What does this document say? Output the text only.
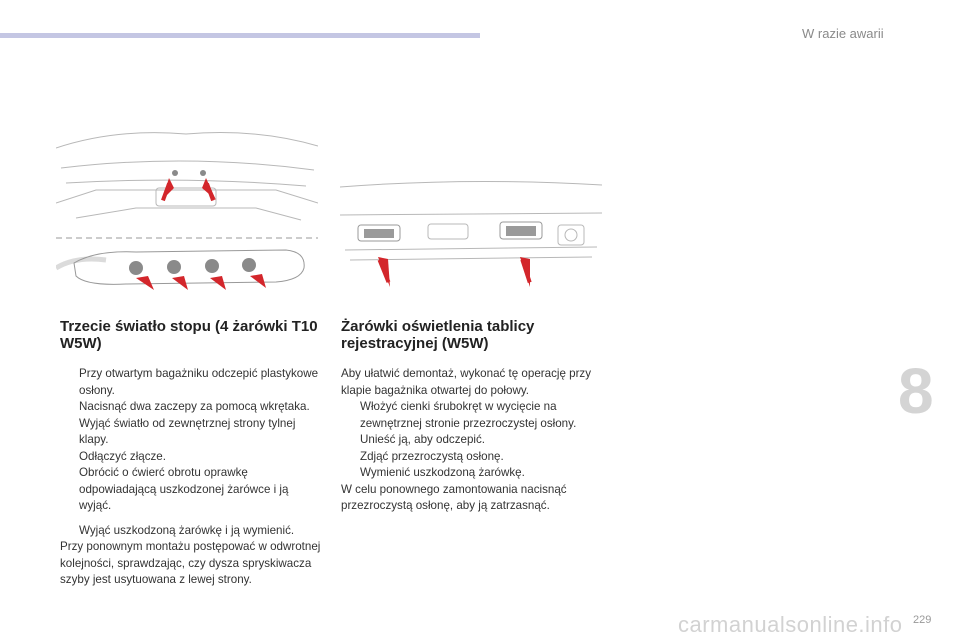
W razie awarii
8
carmanualsonline.info 229
Trzecie światło stopu (4 żarówki T10 W5W)
Przy otwartym bagażniku odczepić plastykowe osłony.
Nacisnąć dwa zaczepy za pomocą wkrętaka.
Wyjąć światło od zewnętrznej strony tylnej klapy.
Odłączyć złącze.
Obrócić o ćwierć obrotu oprawkę odpowiadającą uszkodzonej żarówce i ją wyjąć.
Wyjąć uszkodzoną żarówkę i ją wymienić.

Przy ponownym montażu postępować w odwrotnej kolejności, sprawdzając, czy dysza spryskiwacza szyby jest usytuowana z lewej strony.

Żarówki oświetlenia tablicy rejestracyjnej (W5W)

Aby ułatwić demontaż, wykonać tę operację przy klapie bagażnika otwartej do połowy.

Włożyć cienki śrubokręt w wycięcie na zewnętrznej stronie przezroczystej osłony.
Unieść ją, aby odczepić.
Zdjąć przezroczystą osłonę.
Wymienić uszkodzoną żarówkę.

W celu ponownego zamontowania nacisnąć przezroczystą osłonę, aby ją zatrzasnąć.
